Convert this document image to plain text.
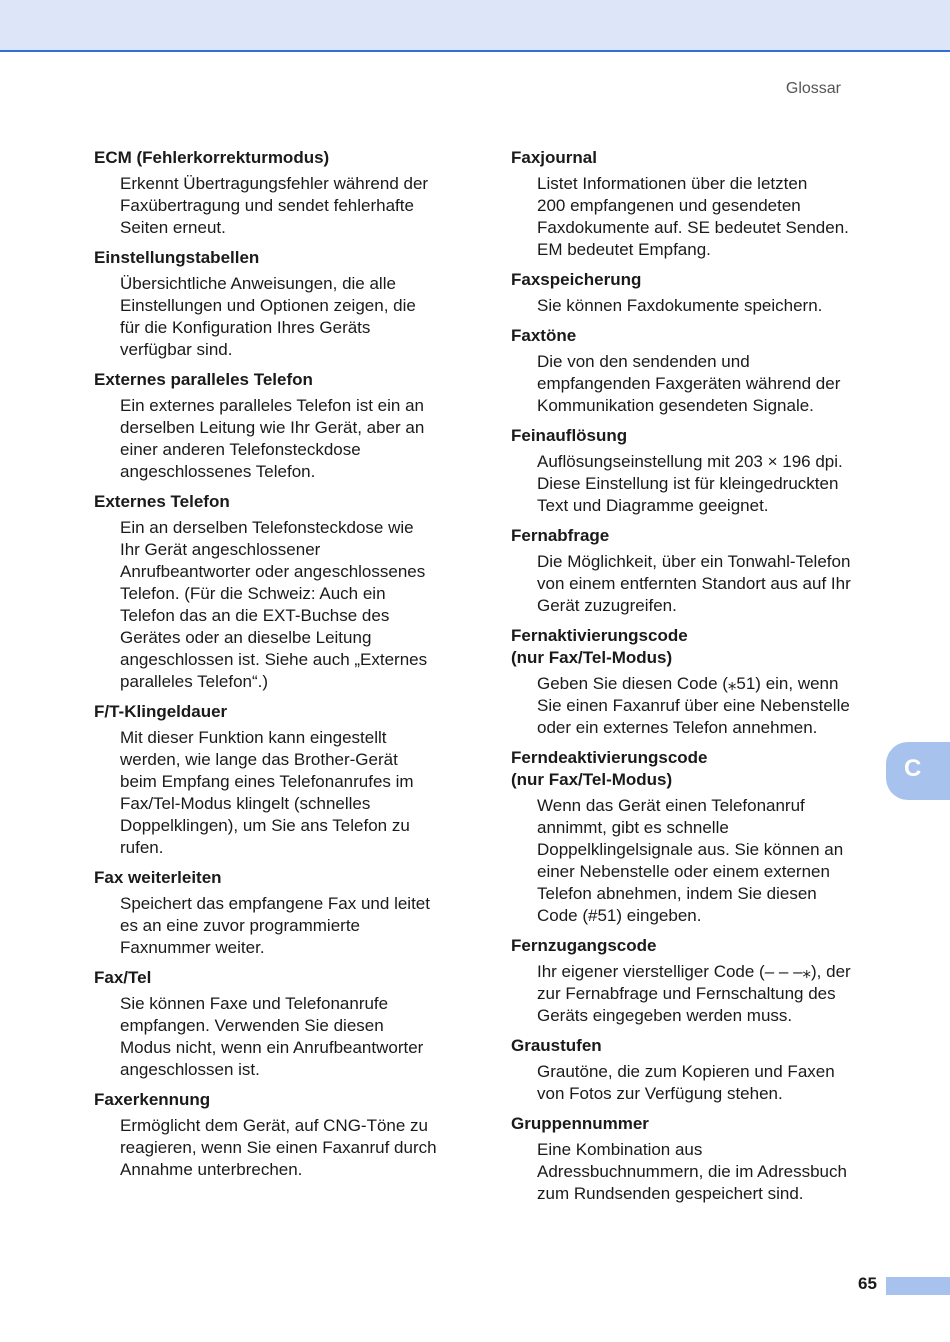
Glossar
ECM (Fehlerkorrekturmodus)
Erkennt Übertragungsfehler während der
Faxübertragung und sendet fehlerhafte
Seiten erneut.
Einstellungstabellen
Übersichtliche Anweisungen, die alle
Einstellungen und Optionen zeigen, die
für die Konfiguration Ihres Geräts
verfügbar sind.
Externes paralleles Telefon
Ein externes paralleles Telefon ist ein an
derselben Leitung wie Ihr Gerät, aber an
einer anderen Telefonsteckdose
angeschlossenes Telefon.
Externes Telefon
Ein an derselben Telefonsteckdose wie
Ihr Gerät angeschlossener
Anrufbeantworter oder angeschlossenes
Telefon. (Für die Schweiz: Auch ein
Telefon das an die EXT-Buchse des
Gerätes oder an dieselbe Leitung
angeschlossen ist. Siehe auch „Externes
paralleles Telefon“.)
F/T-Klingeldauer
Mit dieser Funktion kann eingestellt
werden, wie lange das Brother-Gerät
beim Empfang eines Telefonanrufes im
Fax/Tel-Modus klingelt (schnelles
Doppelklingen), um Sie ans Telefon zu
rufen.
Fax weiterleiten
Speichert das empfangene Fax und leitet
es an eine zuvor programmierte
Faxnummer weiter.
Fax/Tel
Sie können Faxe und Telefonanrufe
empfangen. Verwenden Sie diesen
Modus nicht, wenn ein Anrufbeantworter
angeschlossen ist.
Faxerkennung
Ermöglicht dem Gerät, auf CNG-Töne zu
reagieren, wenn Sie einen Faxanruf durch
Annahme unterbrechen.
Faxjournal
Listet Informationen über die letzten
200 empfangenen und gesendeten
Faxdokumente auf. SE bedeutet Senden.
EM bedeutet Empfang.
Faxspeicherung
Sie können Faxdokumente speichern.
Faxtöne
Die von den sendenden und
empfangenden Faxgeräten während der
Kommunikation gesendeten Signale.
Feinauflösung
Auflösungseinstellung mit 203 × 196 dpi.
Diese Einstellung ist für kleingedruckten
Text und Diagramme geeignet.
Fernabfrage
Die Möglichkeit, über ein Tonwahl-Telefon
von einem entfernten Standort aus auf Ihr
Gerät zuzugreifen.
Fernaktivierungscode
(nur Fax/Tel-Modus)
Geben Sie diesen Code (⁎51) ein, wenn
Sie einen Faxanruf über eine Nebenstelle
oder ein externes Telefon annehmen.
Ferndeaktivierungscode
(nur Fax/Tel-Modus)
Wenn das Gerät einen Telefonanruf
annimmt, gibt es schnelle
Doppelklingelsignale aus. Sie können an
einer Nebenstelle oder einem externen
Telefon abnehmen, indem Sie diesen
Code (#51) eingeben.
Fernzugangscode
Ihr eigener vierstelliger Code (– – –⁎), der
zur Fernabfrage und Fernschaltung des
Geräts eingegeben werden muss.
Graustufen
Grautöne, die zum Kopieren und Faxen
von Fotos zur Verfügung stehen.
Gruppennummer
Eine Kombination aus
Adressbuchnummern, die im Adressbuch
zum Rundsenden gespeichert sind.
C
65
